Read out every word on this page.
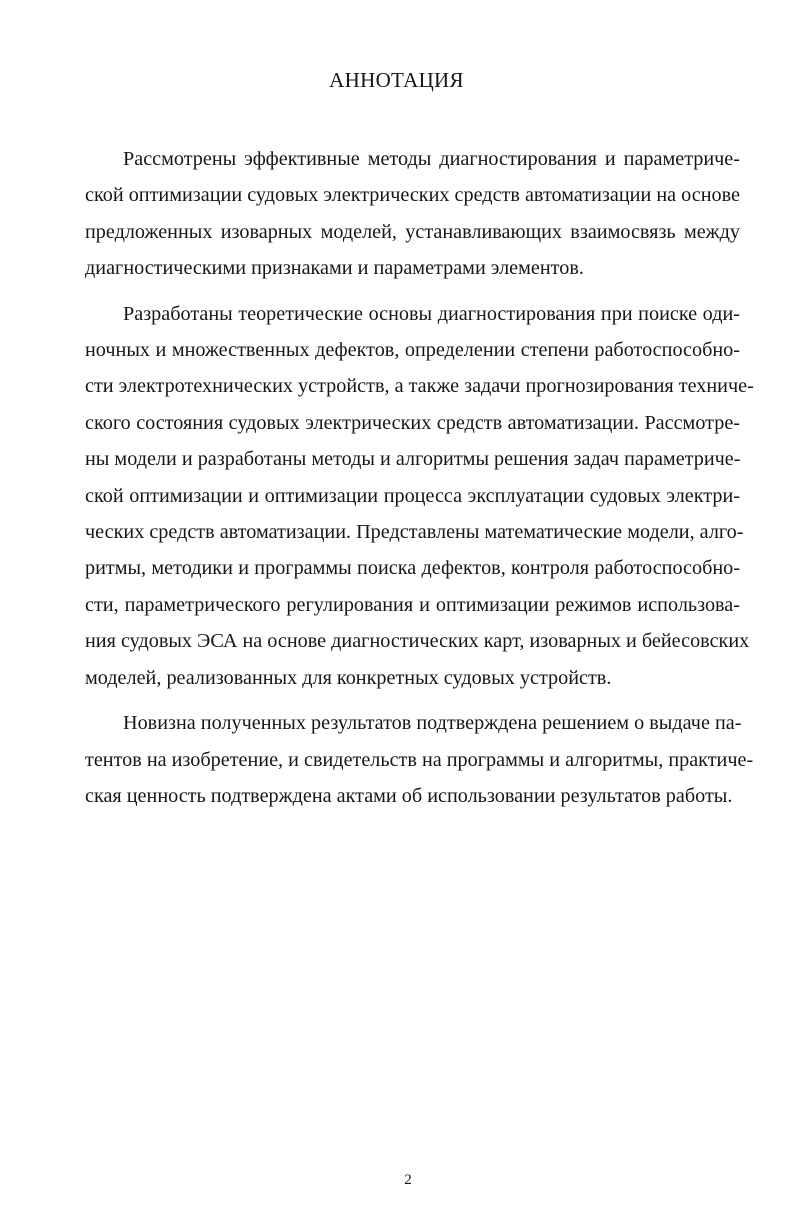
АННОТАЦИЯ

Рассмотрены эффективные методы диагностирования и параметриче-
ской оптимизации судовых электрических средств автоматизации на основе
предложенных изоварных моделей, устанавливающих взаимосвязь между
диагностическими признаками и параметрами элементов.

Разработаны теоретические основы диагностирования при поиске оди-
ночных и множественных дефектов, определении степени работоспособно-
сти электротехнических устройств, а также задачи прогнозирования техниче-
ского состояния судовых электрических средств автоматизации. Рассмотре-
ны модели и разработаны методы и алгоритмы решения задач параметриче-
ской оптимизации и оптимизации процесса эксплуатации судовых электри-
ческих средств автоматизации. Представлены математические модели, алго-
ритмы, методики и программы поиска дефектов, контроля работоспособно-
сти, параметрического регулирования и оптимизации режимов использова-
ния судовых ЭСА на основе диагностических карт, изоварных и бейесовских
моделей, реализованных для конкретных судовых устройств.

Новизна полученных результатов подтверждена решением о выдаче па-
тентов на изобретение, и свидетельств на программы и алгоритмы, практиче-
ская ценность подтверждена актами об использовании результатов работы.

2
